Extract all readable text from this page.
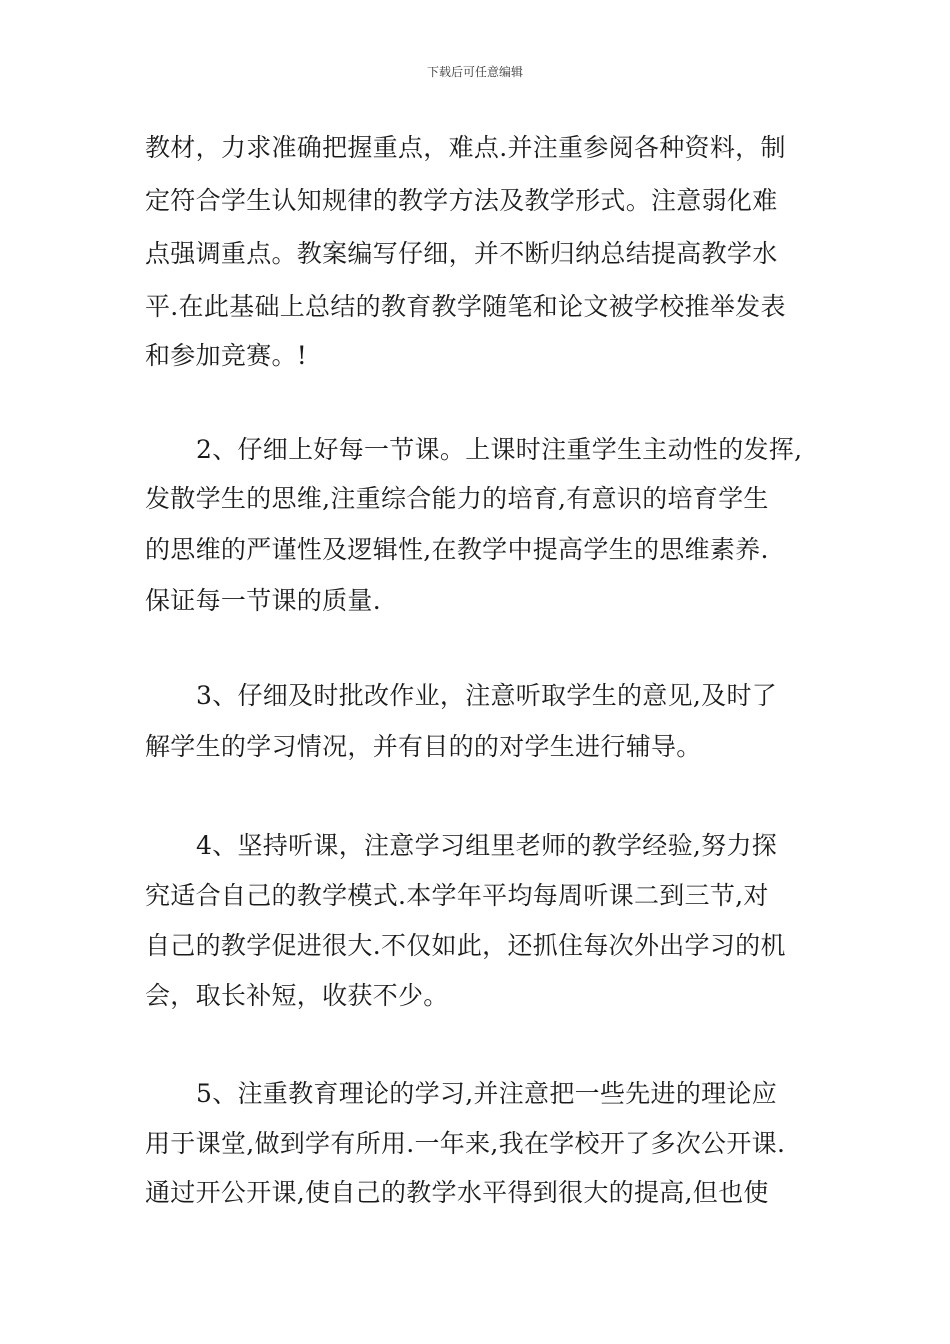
下载后可任意编辑
教材，力求准确把握重点，难点.并注重参阅各种资料，制
定符合学生认知规律的教学方法及教学形式。注意弱化难
点强调重点。教案编写仔细，并不断归纳总结提高教学水
平.在此基础上总结的教育教学随笔和论文被学校推举发表
和参加竞赛。!
2、仔细上好每一节课。上课时注重学生主动性的发挥,
发散学生的思维,注重综合能力的培育,有意识的培育学生
的思维的严谨性及逻辑性,在教学中提高学生的思维素养.
保证每一节课的质量.
3、仔细及时批改作业，注意听取学生的意见,及时了
解学生的学习情况，并有目的的对学生进行辅导。
4、坚持听课，注意学习组里老师的教学经验,努力探
究适合自己的教学模式.本学年平均每周听课二到三节,对
自己的教学促进很大.不仅如此，还抓住每次外出学习的机
会，取长补短，收获不少。
5、注重教育理论的学习,并注意把一些先进的理论应
用于课堂,做到学有所用.一年来,我在学校开了多次公开课.
通过开公开课,使自己的教学水平得到很大的提高,但也使
